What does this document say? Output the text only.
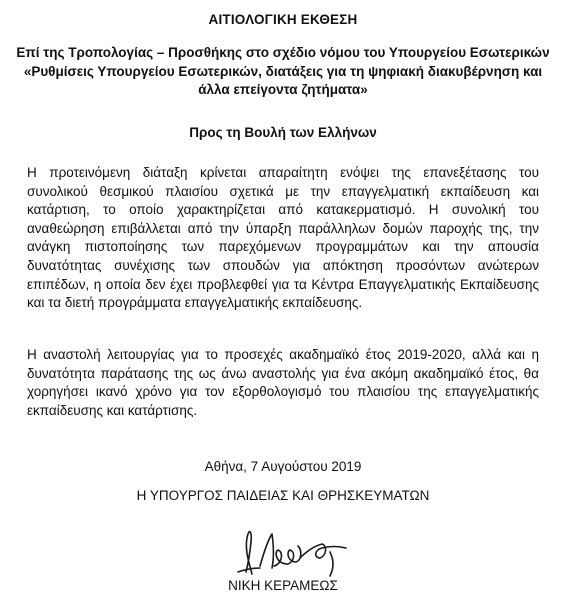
ΑΙΤΙΟΛΟΓΙΚΗ ΕΚΘΕΣΗ
Επί της Τροπολογίας – Προσθήκης στο σχέδιο νόμου του Υπουργείου Εσωτερικών
«Ρυθμίσεις Υπουργείου Εσωτερικών, διατάξεις για τη ψηφιακή διακυβέρνηση και
άλλα επείγοντα ζητήματα»
Προς τη Βουλή των Ελλήνων
Η προτεινόμενη διάταξη κρίνεται απαραίτητη ενόψει της επανεξέτασης του
συνολικού θεσμικού πλαισίου σχετικά με την επαγγελματική εκπαίδευση και
κατάρτιση, το οποίο χαρακτηρίζεται από κατακερματισμό. Η συνολική του
αναθεώρηση επιβάλλεται από την ύπαρξη παράλληλων δομών παροχής της, την
ανάγκη πιστοποίησης των παρεχόμενων προγραμμάτων και την απουσία
δυνατότητας συνέχισης των σπουδών για απόκτηση προσόντων ανώτερων
επιπέδων, η οποία δεν έχει προβλεφθεί για τα Κέντρα Επαγγελματικής Εκπαίδευσης
και τα διετή προγράμματα επαγγελματικής εκπαίδευσης.
Η αναστολή λειτουργίας για το προσεχές ακαδημαϊκό έτος 2019-2020, αλλά και η
δυνατότητα παράτασης της ως άνω αναστολής για ένα ακόμη ακαδημαϊκό έτος, θα
χορηγήσει ικανό χρόνο για τον εξορθολογισμό του πλαισίου της επαγγελματικής
εκπαίδευσης και κατάρτισης.
Αθήνα, 7 Αυγούστου 2019
Η ΥΠΟΥΡΓΟΣ ΠΑΙΔΕΙΑΣ ΚΑΙ ΘΡΗΣΚΕΥΜΑΤΩΝ
ΝΙΚΗ ΚΕΡΑΜΕΩΣ
